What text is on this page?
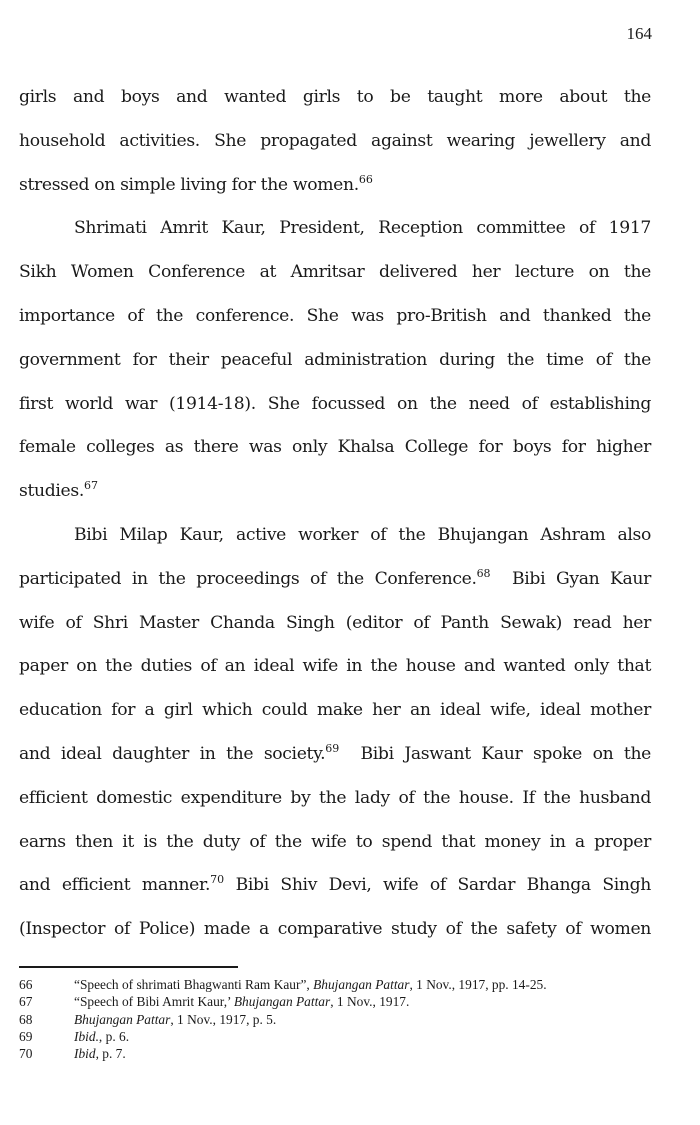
164
girls and boys and wanted girls to be taught more about the
household activities. She propagated against wearing jewellery and
stressed on simple living for the women.$^{66}$
Shrimati Amrit Kaur, President, Reception committee of 1917
Sikh Women Conference at Amritsar delivered her lecture on the
importance of the conference. She was pro-British and thanked the
government for their peaceful administration during the time of the
first world war (1914-18). She focussed on the need of establishing
female colleges as there was only Khalsa College for boys for higher
studies.$^{67}$
Bibi Milap Kaur, active worker of the Bhujangan Ashram also
participated in the proceedings of the Conference.$^{68}$  Bibi Gyan Kaur
wife of Shri Master Chanda Singh (editor of Panth Sewak) read her
paper on the duties of an ideal wife in the house and wanted only that
education for a girl which could make her an ideal wife, ideal mother
and ideal daughter in the society.$^{69}$  Bibi Jaswant Kaur spoke on the
efficient domestic expenditure by the lady of the house. If the husband
earns then it is the duty of the wife to spend that money in a proper
and efficient manner.$^{70}$ Bibi Shiv Devi, wife of Sardar Bhanga Singh
(Inspector of Police) made a comparative study of the safety of women
66	“Speech of shrimati Bhagwanti Ram Kaur”, Bhujangan Pattar, 1 Nov., 1917, pp. 14-25.
67	“Speech of Bibi Amrit Kaur,’ Bhujangan Pattar, 1 Nov., 1917.
68	Bhujangan Pattar, 1 Nov., 1917, p. 5.
69	Ibid., p. 6.
70	Ibid, p. 7.
